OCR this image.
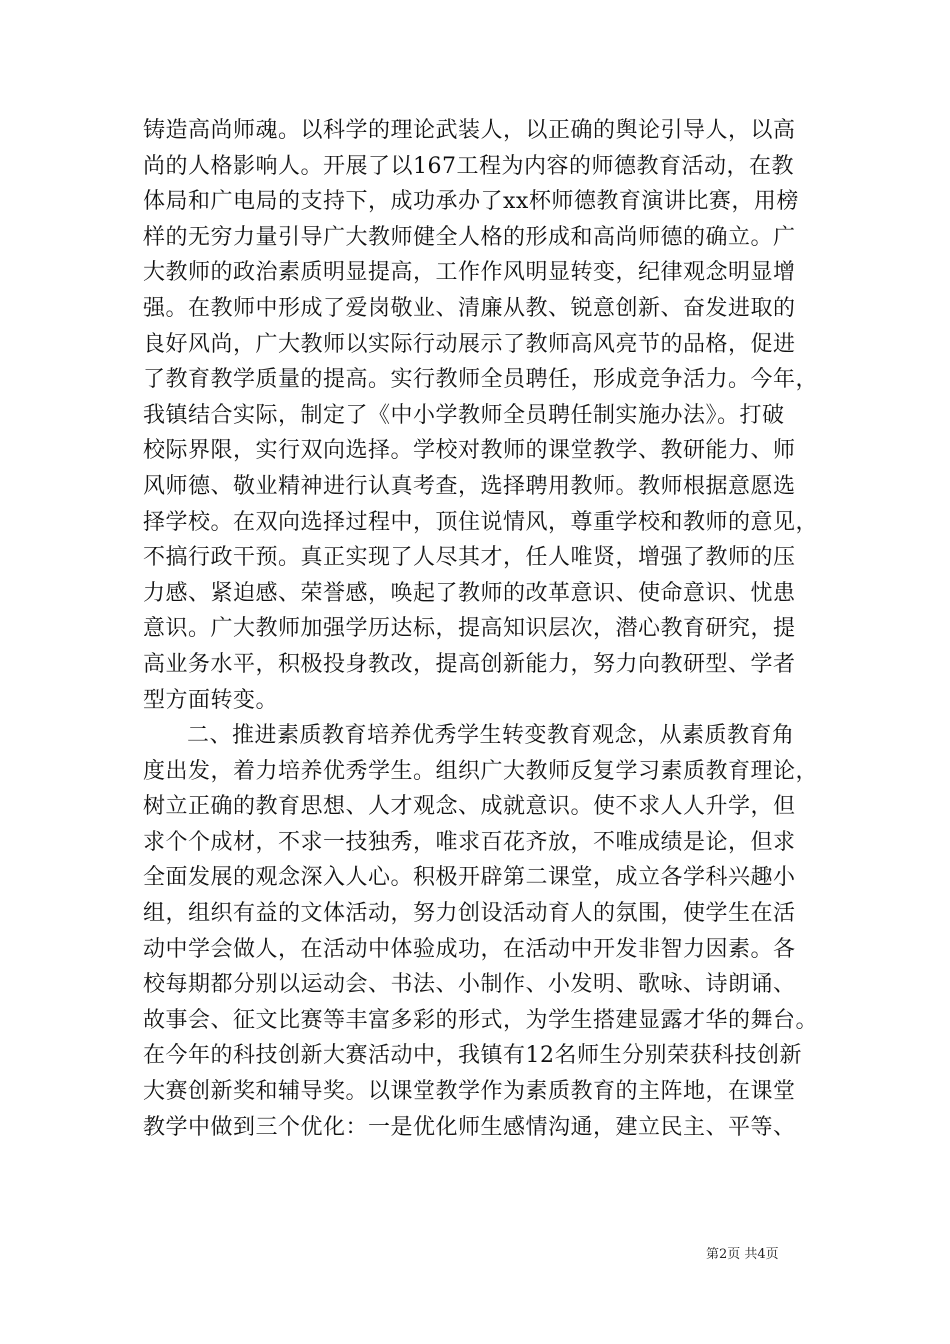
铸造高尚师魂。以科学的理论武装人，以正确的舆论引导人，以高
尚的人格影响人。开展了以167工程为内容的师德教育活动，在教
体局和广电局的支持下，成功承办了xx杯师德教育演讲比赛，用榜
样的无穷力量引导广大教师健全人格的形成和高尚师德的确立。广
大教师的政治素质明显提高，工作作风明显转变，纪律观念明显增
强。在教师中形成了爱岗敬业、清廉从教、锐意创新、奋发进取的
良好风尚，广大教师以实际行动展示了教师高风亮节的品格，促进
了教育教学质量的提高。实行教师全员聘任，形成竞争活力。今年，
我镇结合实际，制定了《中小学教师全员聘任制实施办法》。打破
校际界限，实行双向选择。学校对教师的课堂教学、教研能力、师
风师德、敬业精神进行认真考查，选择聘用教师。教师根据意愿选
择学校。在双向选择过程中，顶住说情风，尊重学校和教师的意见，
不搞行政干预。真正实现了人尽其才，任人唯贤，增强了教师的压
力感、紧迫感、荣誉感，唤起了教师的改革意识、使命意识、忧患
意识。广大教师加强学历达标，提高知识层次，潜心教育研究，提
高业务水平，积极投身教改，提高创新能力，努力向教研型、学者
型方面转变。
二、推进素质教育培养优秀学生转变教育观念，从素质教育角
度出发，着力培养优秀学生。组织广大教师反复学习素质教育理论，
树立正确的教育思想、人才观念、成就意识。使不求人人升学，但
求个个成材，不求一技独秀，唯求百花齐放，不唯成绩是论，但求
全面发展的观念深入人心。积极开辟第二课堂，成立各学科兴趣小
组，组织有益的文体活动，努力创设活动育人的氛围，使学生在活
动中学会做人，在活动中体验成功，在活动中开发非智力因素。各
校每期都分别以运动会、书法、小制作、小发明、歌咏、诗朗诵、
故事会、征文比赛等丰富多彩的形式，为学生搭建显露才华的舞台。
在今年的科技创新大赛活动中，我镇有12名师生分别荣获科技创新
大赛创新奖和辅导奖。以课堂教学作为素质教育的主阵地，在课堂
教学中做到三个优化：一是优化师生感情沟通，建立民主、平等、
第2页 共4页
